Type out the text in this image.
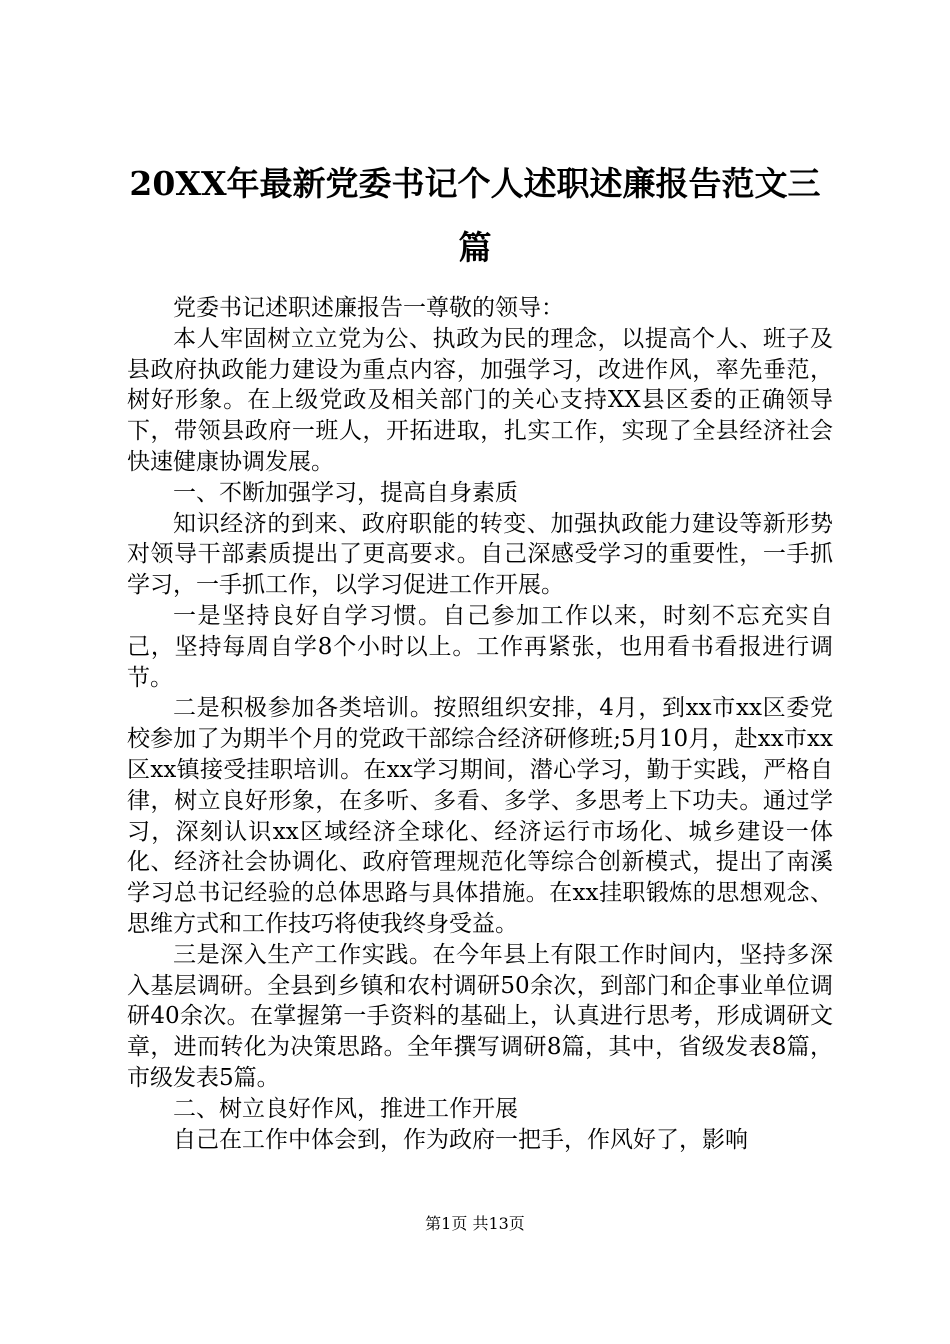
20XX年最新党委书记个人述职述廉报告范文三篇

党委书记述职述廉报告一尊敬的领导：

本人牢固树立立党为公、执政为民的理念，以提高个人、班子及县政府执政能力建设为重点内容，加强学习，改进作风，率先垂范，树好形象。在上级党政及相关部门的关心支持XX县区委的正确领导下，带领县政府一班人，开拓进取，扎实工作，实现了全县经济社会快速健康协调发展。

一、不断加强学习，提高自身素质

知识经济的到来、政府职能的转变、加强执政能力建设等新形势对领导干部素质提出了更高要求。自己深感受学习的重要性，一手抓学习，一手抓工作，以学习促进工作开展。

一是坚持良好自学习惯。自己参加工作以来，时刻不忘充实自己，坚持每周自学8个小时以上。工作再紧张，也用看书看报进行调节。

二是积极参加各类培训。按照组织安排，4月，到xx市xx区委党校参加了为期半个月的党政干部综合经济研修班;5月10月，赴xx市xx区xx镇接受挂职培训。在xx学习期间，潜心学习，勤于实践，严格自律，树立良好形象，在多听、多看、多学、多思考上下功夫。通过学习，深刻认识xx区域经济全球化、经济运行市场化、城乡建设一体化、经济社会协调化、政府管理规范化等综合创新模式，提出了南溪学习总书记经验的总体思路与具体措施。在xx挂职锻炼的思想观念、思维方式和工作技巧将使我终身受益。

三是深入生产工作实践。在今年县上有限工作时间内，坚持多深入基层调研。全县到乡镇和农村调研50余次，到部门和企事业单位调研40余次。在掌握第一手资料的基础上，认真进行思考，形成调研文章，进而转化为决策思路。全年撰写调研8篇，其中，省级发表8篇，市级发表5篇。

二、树立良好作风，推进工作开展

自己在工作中体会到，作为政府一把手，作风好了，影响

第1页 共13页
